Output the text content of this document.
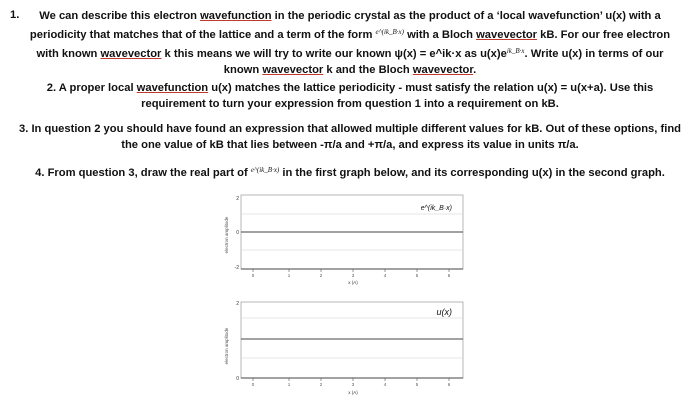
1.	We can describe this electron wavefunction in the periodic crystal as the product of a ‘local wavefunction’ u(x) with a
periodicity that matches that of the lattice and a term of the form $^{e\^{}(ik\_B\cdot x)}$ with a Bloch wavevector kB. For our free electron
with known wavevector k this means we will try to write our known ψ(x) = e^ik·x as $u(x)e^{ik\_B\cdot x}$. Write u(x) in terms of our
known wavevector k and the Bloch wavevector.
2. A proper local wavefunction u(x) matches the lattice periodicity - must satisfy the relation u(x) = u(x+a). Use this
requirement to turn your expression from question 1 into a requirement on kB.
3. In question 2 you should have found an expression that allowed multiple different values for kB. Out of these options, find
the one value of kB that lies between -π/a and +π/a, and express its value in units π/a.
4. From question 3, draw the real part of $^{e\^{}(ik\_B\cdot x)}$ in the first graph below, and its corresponding u(x) in the second graph.
electron amplitude
2
0
-2
0	1	2	3	4	5	6
x (A)
e^(ik_B·x)
electron amplitude
2
0
0	1	2	3	4	5	6
x (A)
u(x)
